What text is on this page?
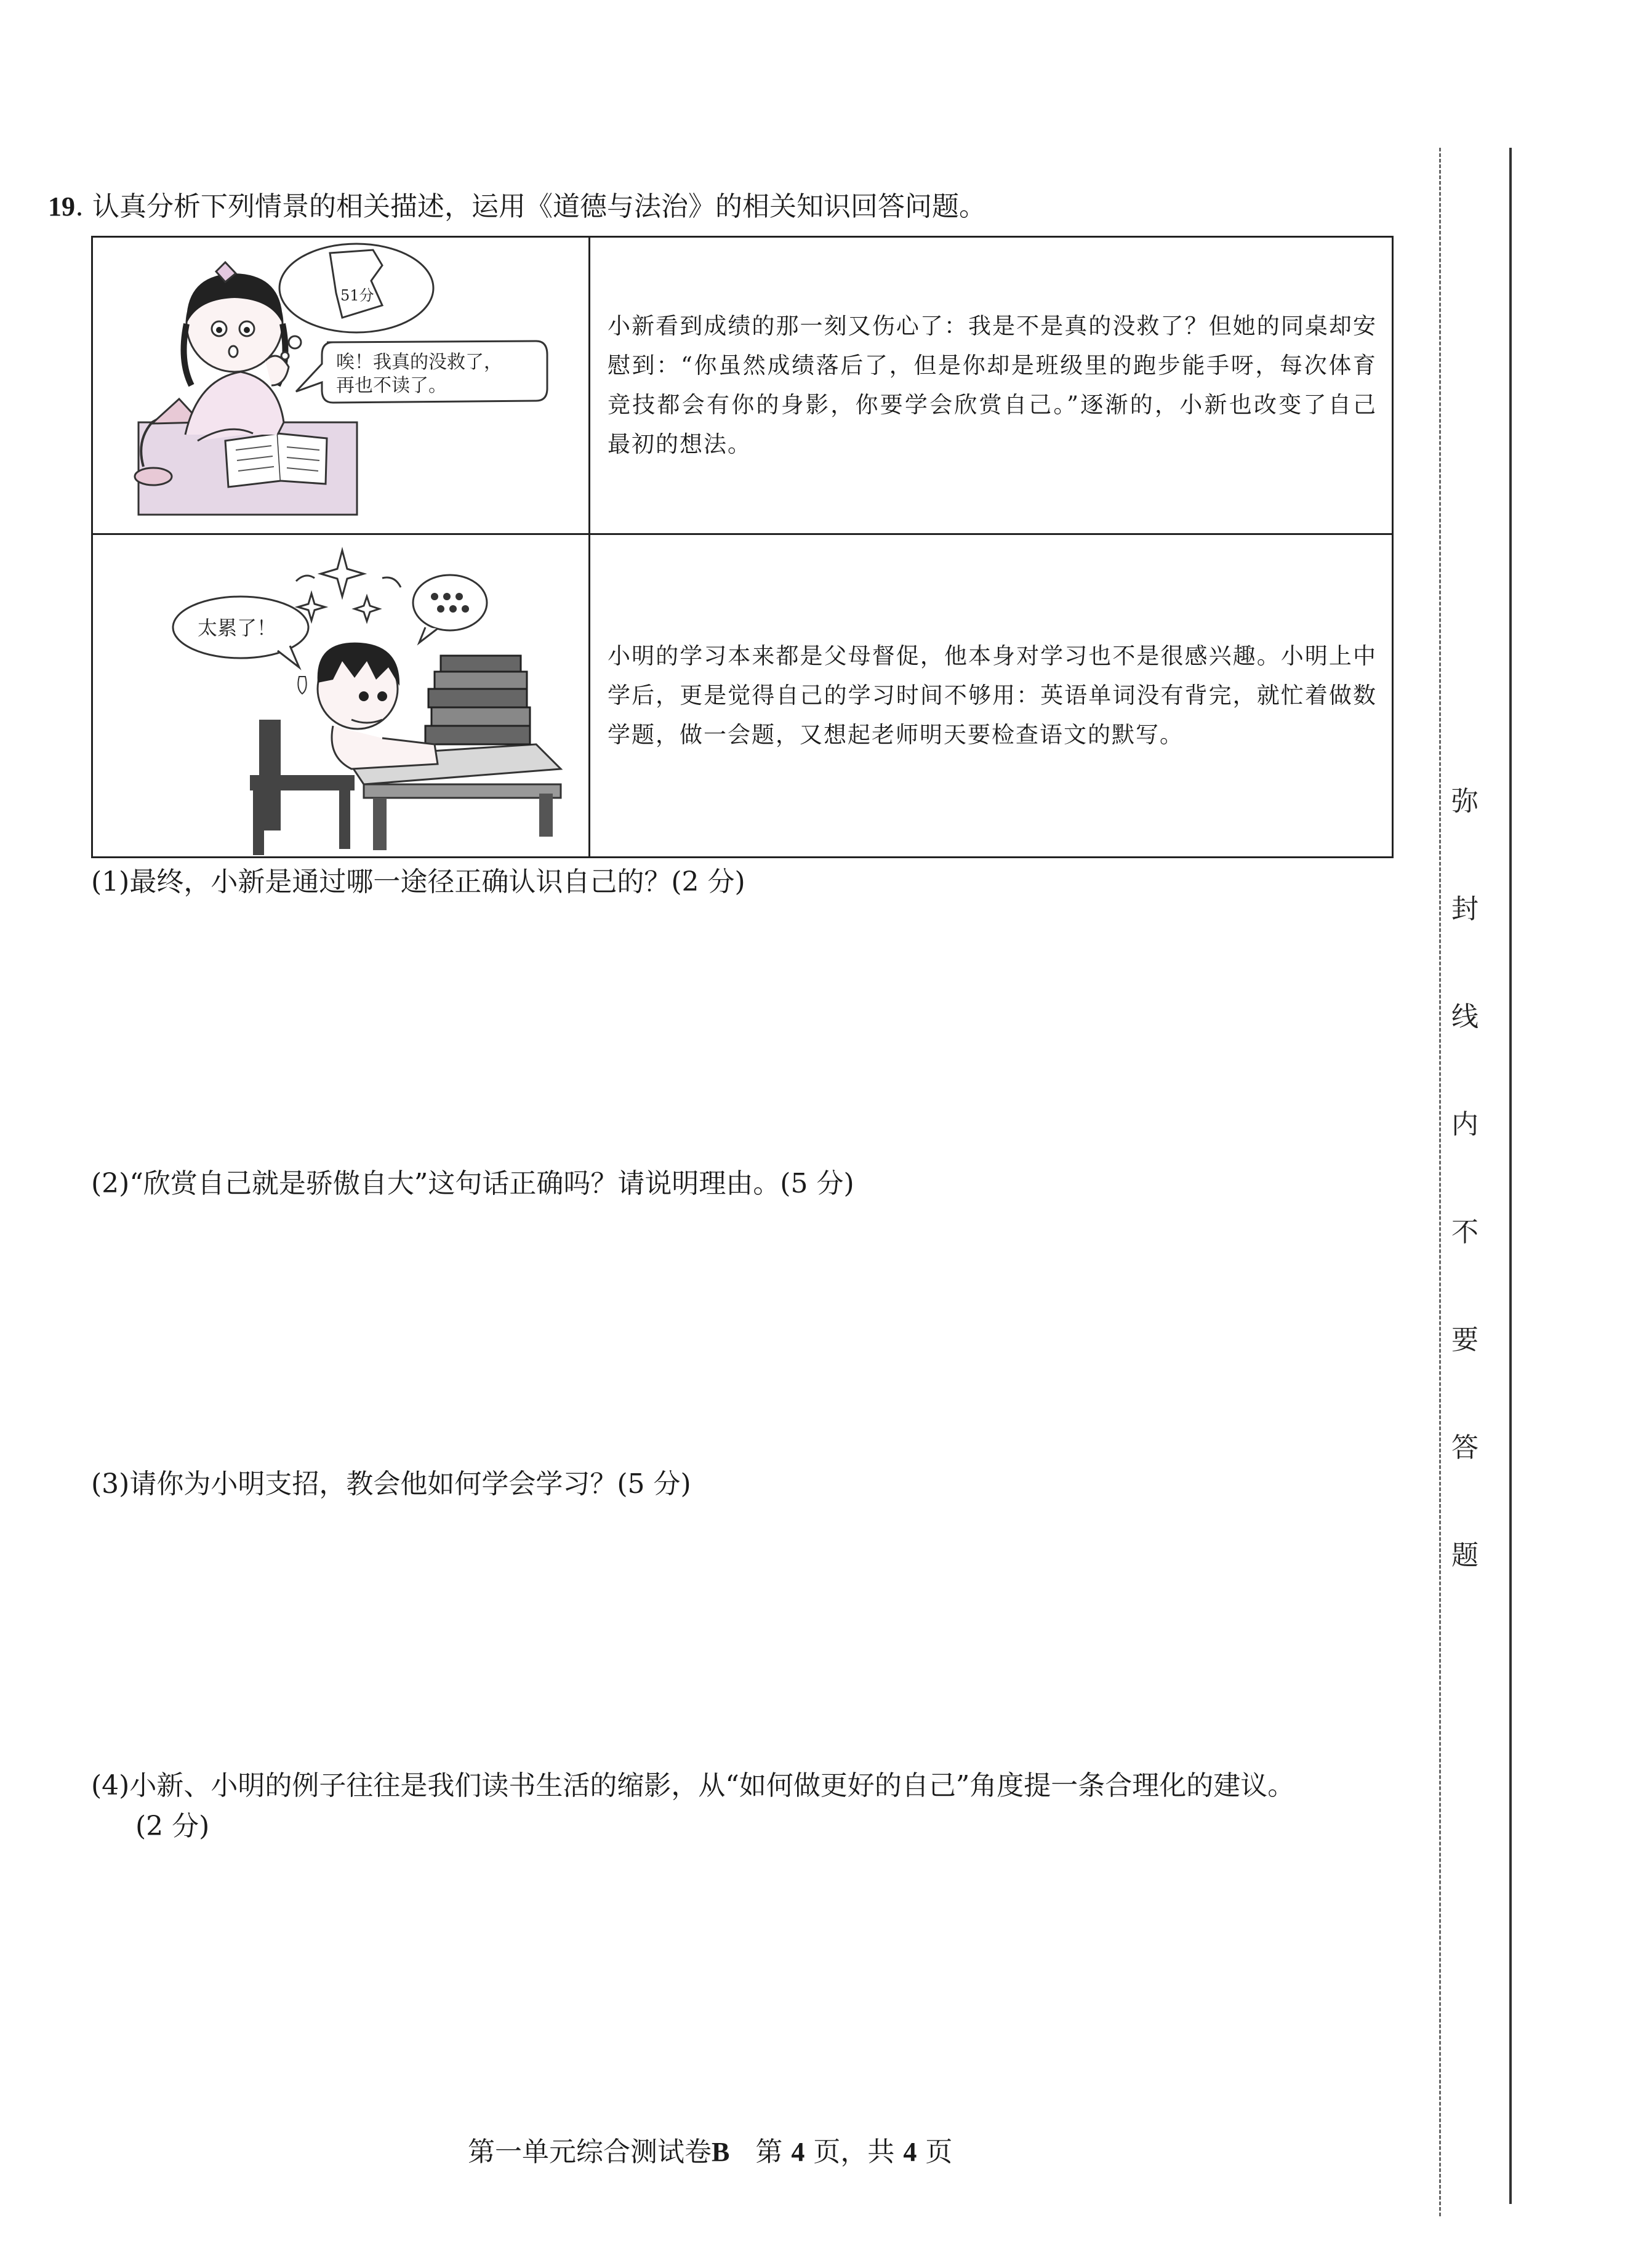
19. 认真分析下列情景的相关描述，运用《道德与法治》的相关知识回答问题。
51分
唉！我真的没救了，
再也不读了。	小新看到成绩的那一刻又伤心了：我是不是真的没救了？但她的同桌却安慰到：“你虽然成绩落后了，但是你却是班级里的跑步能手呀，每次体育竞技都会有你的身影，你要学会欣赏自己。”逐渐的，小新也改变了自己最初的想法。

太累了！	小明的学习本来都是父母督促，他本身对学习也不是很感兴趣。小明上中学后，更是觉得自己的学习时间不够用：英语单词没有背完，就忙着做数学题，做一会题，又想起老师明天要检查语文的默写。
(1)最终，小新是通过哪一途径正确认识自己的？(2 分)
(2)“欣赏自己就是骄傲自大”这句话正确吗？请说明理由。(5 分)
(3)请你为小明支招，教会他如何学会学习？(5 分)
(4)小新、小明的例子往往是我们读书生活的缩影，从“如何做更好的自己”角度提一条合理化的建议。
(2 分)
弥
封
线
内
不
要
答
题
第一单元综合测试卷B 第 4 页，共 4 页
